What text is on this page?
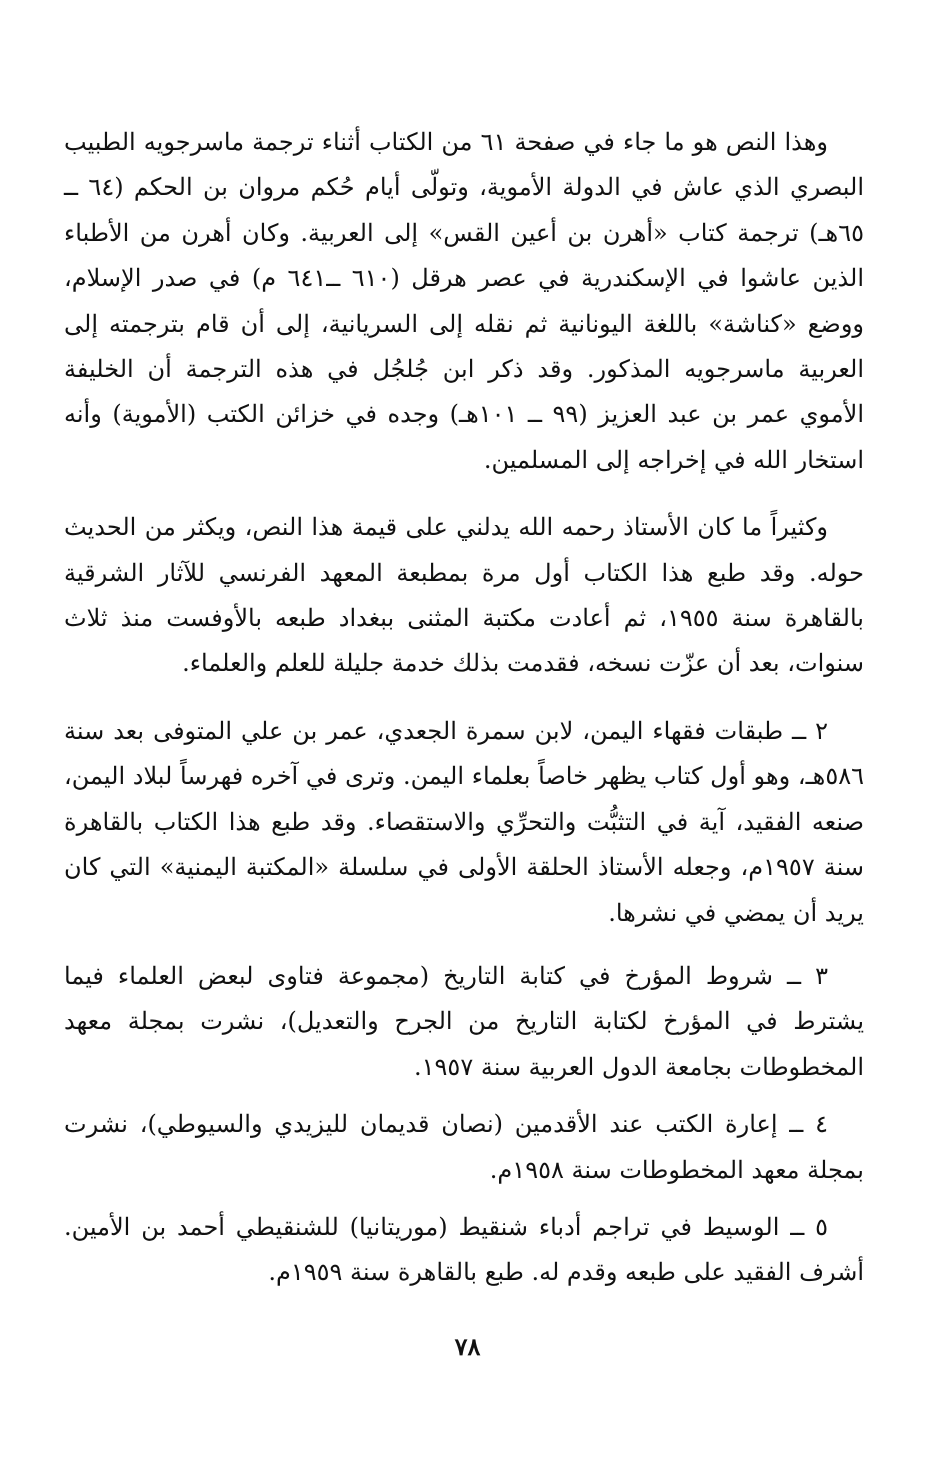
وهذا النص هو ما جاء في صفحة ٦١ من الكتاب أثناء ترجمة ماسرجويه الطبيب البصري الذي عاش في الدولة الأموية، وتولّى أيام حُكم مروان بن الحكم (٦٤ ــ ٦٥هـ) ترجمة كتاب «أهرن بن أعين القس» إلى العربية. وكان أهرن من الأطباء الذين عاشوا في الإسكندرية في عصر هرقل (٦١٠ ــ٦٤١ م) في صدر الإسلام، ووضع «كناشة» باللغة اليونانية ثم نقله إلى السريانية، إلى أن قام بترجمته إلى العربية ماسرجويه المذكور. وقد ذكر ابن جُلجُل في هذه الترجمة أن الخليفة الأموي عمر بن عبد العزيز (٩٩ ــ ١٠١هـ) وجده في خزائن الكتب (الأموية) وأنه استخار الله في إخراجه إلى المسلمين.

وكثيراً ما كان الأستاذ رحمه الله يدلني على قيمة هذا النص، ويكثر من الحديث حوله. وقد طبع هذا الكتاب أول مرة بمطبعة المعهد الفرنسي للآثار الشرقية بالقاهرة سنة ١٩٥٥، ثم أعادت مكتبة المثنى ببغداد طبعه بالأوفست منذ ثلاث سنوات، بعد أن عزّت نسخه، فقدمت بذلك خدمة جليلة للعلم والعلماء.

٢ ــ طبقات فقهاء اليمن، لابن سمرة الجعدي، عمر بن علي المتوفى بعد سنة ٥٨٦هـ، وهو أول كتاب يظهر خاصاً بعلماء اليمن. وترى في آخره فهرساً لبلاد اليمن، صنعه الفقيد، آية في التثبُّت والتحرِّي والاستقصاء. وقد طبع هذا الكتاب بالقاهرة سنة ١٩٥٧م، وجعله الأستاذ الحلقة الأولى في سلسلة «المكتبة اليمنية» التي كان يريد أن يمضي في نشرها.

٣ ــ شروط المؤرخ في كتابة التاريخ (مجموعة فتاوى لبعض العلماء فيما يشترط في المؤرخ لكتابة التاريخ من الجرح والتعديل)، نشرت بمجلة معهد المخطوطات بجامعة الدول العربية سنة ١٩٥٧.

٤ ــ إعارة الكتب عند الأقدمين (نصان قديمان لليزيدي والسيوطي)، نشرت بمجلة معهد المخطوطات سنة ١٩٥٨م.

٥ ــ الوسيط في تراجم أدباء شنقيط (موريتانيا) للشنقيطي أحمد بن الأمين. أشرف الفقيد على طبعه وقدم له. طبع بالقاهرة سنة ١٩٥٩م.

٧٨
